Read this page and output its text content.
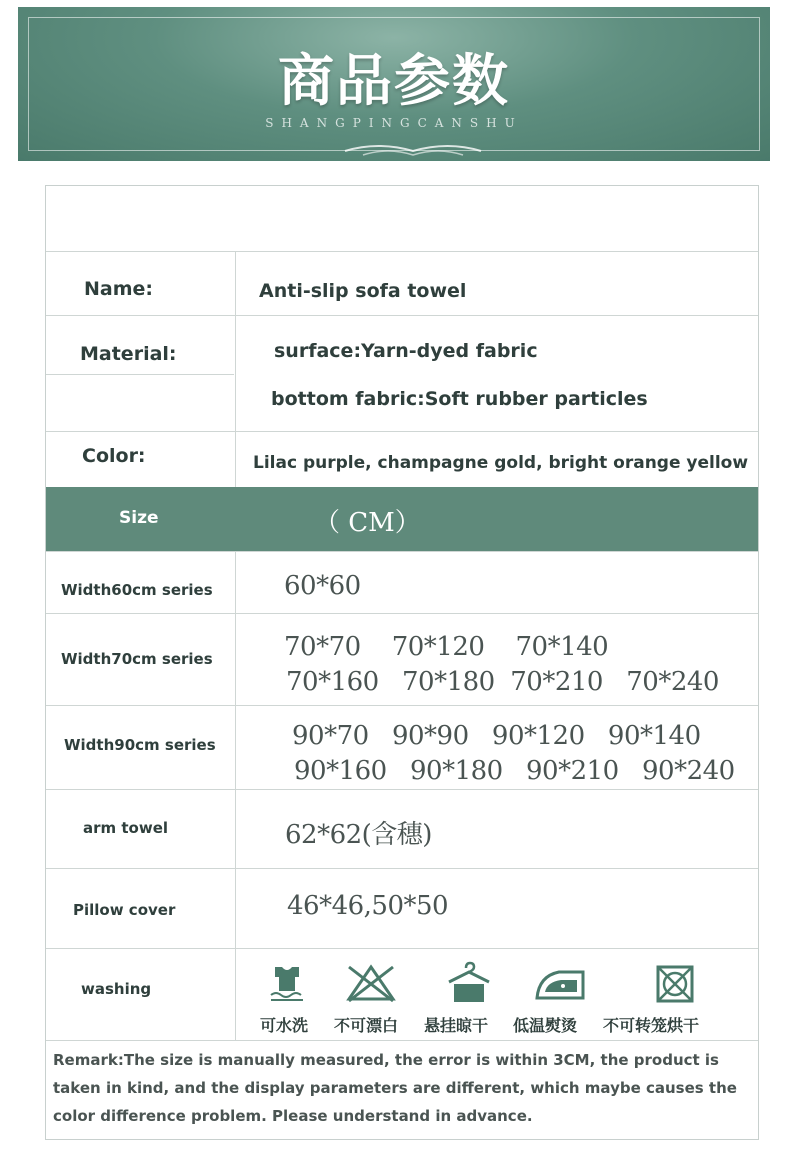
商品参数
SHANGPINGCANSHU
Name:	Anti-slip sofa towel
Material:	surface:Yarn-dyed fabric
bottom fabric:Soft rubber particles
Color:	Lilac purple, champagne gold, bright orange yellow
Size	（ CM）
Width60cm series	60*60
Width70cm series	70*70    70*120    70*140
70*160   70*180  70*210   70*240
Width90cm series	90*70   90*90   90*120   90*140
90*160   90*180   90*210   90*240
arm towel	62*62(含穗)
Pillow cover	46*46,50*50
washing
可水洗 不可漂白 悬挂晾干 低温熨烫 不可转笼烘干
Remark:The size is manually measured, the error is within 3CM, the product is taken in kind, and the display parameters are different, which maybe causes the color difference problem. Please understand in advance.
